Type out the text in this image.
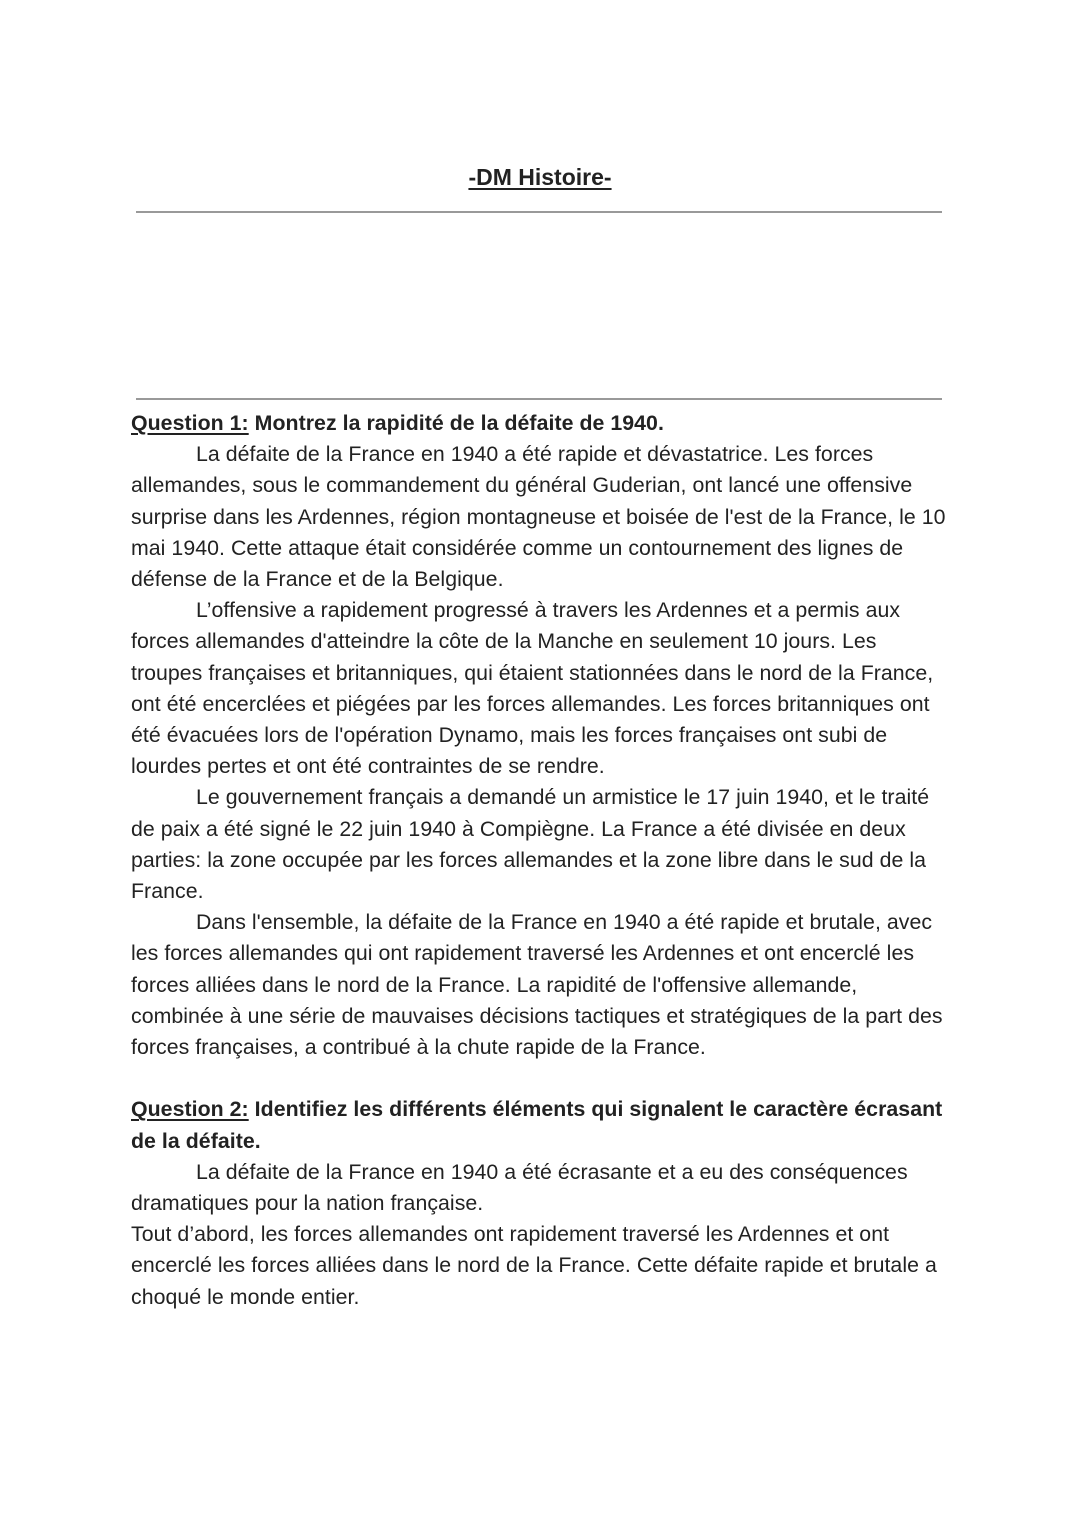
-DM Histoire-

Question 1: Montrez la rapidité de la défaite de 1940.

La défaite de la France en 1940 a été rapide et dévastatrice. Les forces allemandes, sous le commandement du général Guderian, ont lancé une offensive surprise dans les Ardennes, région montagneuse et boisée de l'est de la France, le 10 mai 1940. Cette attaque était considérée comme un contournement des lignes de défense de la France et de la Belgique.

L’offensive a rapidement progressé à travers les Ardennes et a permis aux forces allemandes d'atteindre la côte de la Manche en seulement 10 jours. Les troupes françaises et britanniques, qui étaient stationnées dans le nord de la France, ont été encerclées et piégées par les forces allemandes. Les forces britanniques ont été évacuées lors de l'opération Dynamo, mais les forces françaises ont subi de lourdes pertes et ont été contraintes de se rendre.

Le gouvernement français a demandé un armistice le 17 juin 1940, et le traité de paix a été signé le 22 juin 1940 à Compiègne. La France a été divisée en deux parties: la zone occupée par les forces allemandes et la zone libre dans le sud de la France.

Dans l'ensemble, la défaite de la France en 1940 a été rapide et brutale, avec les forces allemandes qui ont rapidement traversé les Ardennes et ont encerclé les forces alliées dans le nord de la France. La rapidité de l'offensive allemande, combinée à une série de mauvaises décisions tactiques et stratégiques de la part des forces françaises, a contribué à la chute rapide de la France.

Question 2: Identifiez les différents éléments qui signalent le caractère écrasant de la défaite.

La défaite de la France en 1940 a été écrasante et a eu des conséquences dramatiques pour la nation française.

Tout d’abord, les forces allemandes ont rapidement traversé les Ardennes et ont encerclé les forces alliées dans le nord de la France. Cette défaite rapide et brutale a choqué le monde entier.
